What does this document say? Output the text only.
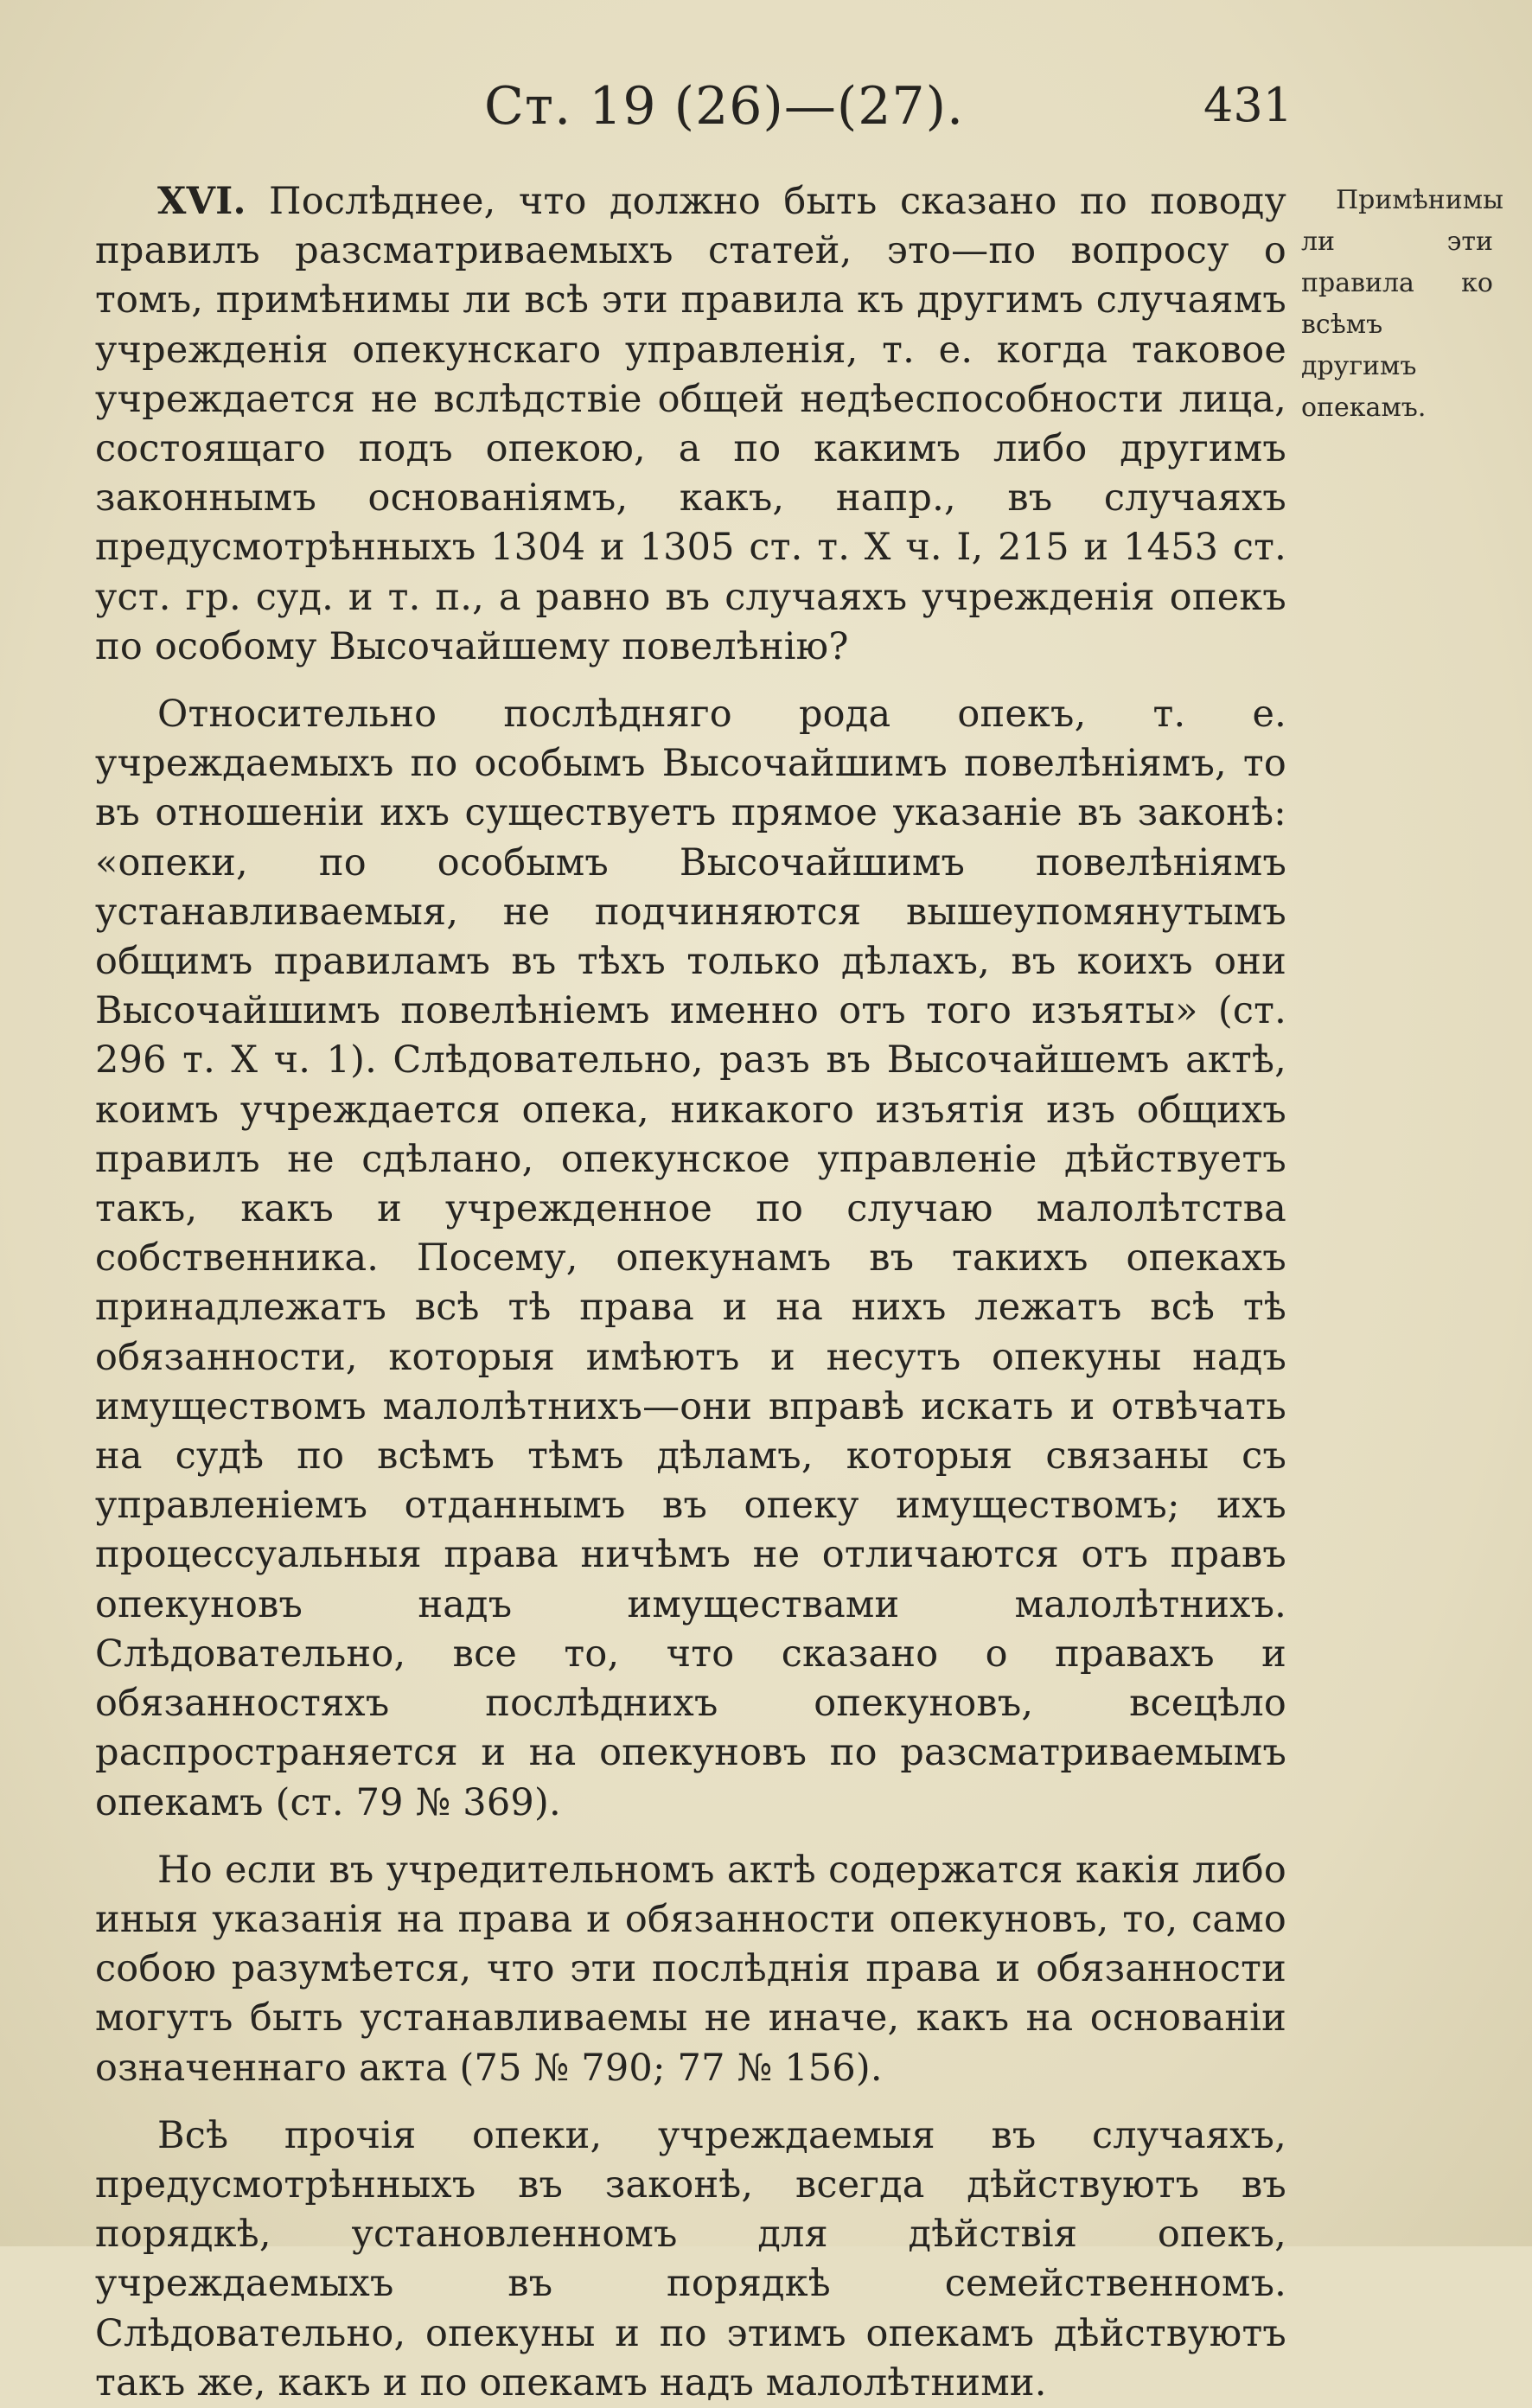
Ст. 19 (26)—(27).	431
Примѣнимы ли эти правила ко всѣмъ другимъ опекамъ.

XVI. Послѣднее, что должно быть сказано по поводу правилъ разсматриваемыхъ статей, это—по вопросу о томъ, примѣнимы ли всѣ эти правила къ другимъ случаямъ учрежденія опекунскаго управленія, т. е. когда таковое учреждается не вслѣдствіе общей недѣеспособности лица, состоящаго подъ опекою, а по какимъ либо другимъ законнымъ основаніямъ, какъ, напр., въ случаяхъ предусмотрѣнныхъ 1304 и 1305 ст. т. X ч. I, 215 и 1453 ст. уст. гр. суд. и т. п., а равно въ случаяхъ учрежденія опекъ по особому Высочайшему повелѣнію?

Относительно послѣдняго рода опекъ, т. е. учреждаемыхъ по особымъ Высочайшимъ повелѣніямъ, то въ отношеніи ихъ существуетъ прямое указаніе въ законѣ: «опеки, по особымъ Высочайшимъ повелѣніямъ устанавливаемыя, не подчиняются вышеупомянутымъ общимъ правиламъ въ тѣхъ только дѣлахъ, въ коихъ они Высочайшимъ повелѣніемъ именно отъ того изъяты» (ст. 296 т. X ч. 1). Слѣдовательно, разъ въ Высочайшемъ актѣ, коимъ учреждается опека, никакого изъятія изъ общихъ правилъ не сдѣлано, опекунское управленіе дѣйствуетъ такъ, какъ и учрежденное по случаю малолѣтства собственника. Посему, опекунамъ въ такихъ опекахъ принадлежатъ всѣ тѣ права и на нихъ лежатъ всѣ тѣ обязанности, которыя имѣютъ и несутъ опекуны надъ имуществомъ малолѣтнихъ—они вправѣ искать и отвѣчать на судѣ по всѣмъ тѣмъ дѣламъ, которыя связаны съ управленіемъ отданнымъ въ опеку имуществомъ; ихъ процессуальныя права ничѣмъ не отличаются отъ правъ опекуновъ надъ имуществами малолѣтнихъ. Слѣдовательно, все то, что сказано о правахъ и обязанностяхъ послѣднихъ опекуновъ, всецѣло распространяется и на опекуновъ по разсматриваемымъ опекамъ (ст. 79 № 369).

Но если въ учредительномъ актѣ содержатся какія либо иныя указанія на права и обязанности опекуновъ, то, само собою разумѣется, что эти послѣднія права и обязанности могутъ быть устанавливаемы не иначе, какъ на основаніи означеннаго акта (75 № 790; 77 № 156).

Всѣ прочія опеки, учреждаемыя въ случаяхъ, предусмотрѣнныхъ въ законѣ, всегда дѣйствуютъ въ порядкѣ, установленномъ для дѣйствія опекъ, учреждаемыхъ въ порядкѣ семейственномъ. Слѣдовательно, опекуны и по этимъ опекамъ дѣйствуютъ такъ же, какъ и по опекамъ надъ малолѣтними.
